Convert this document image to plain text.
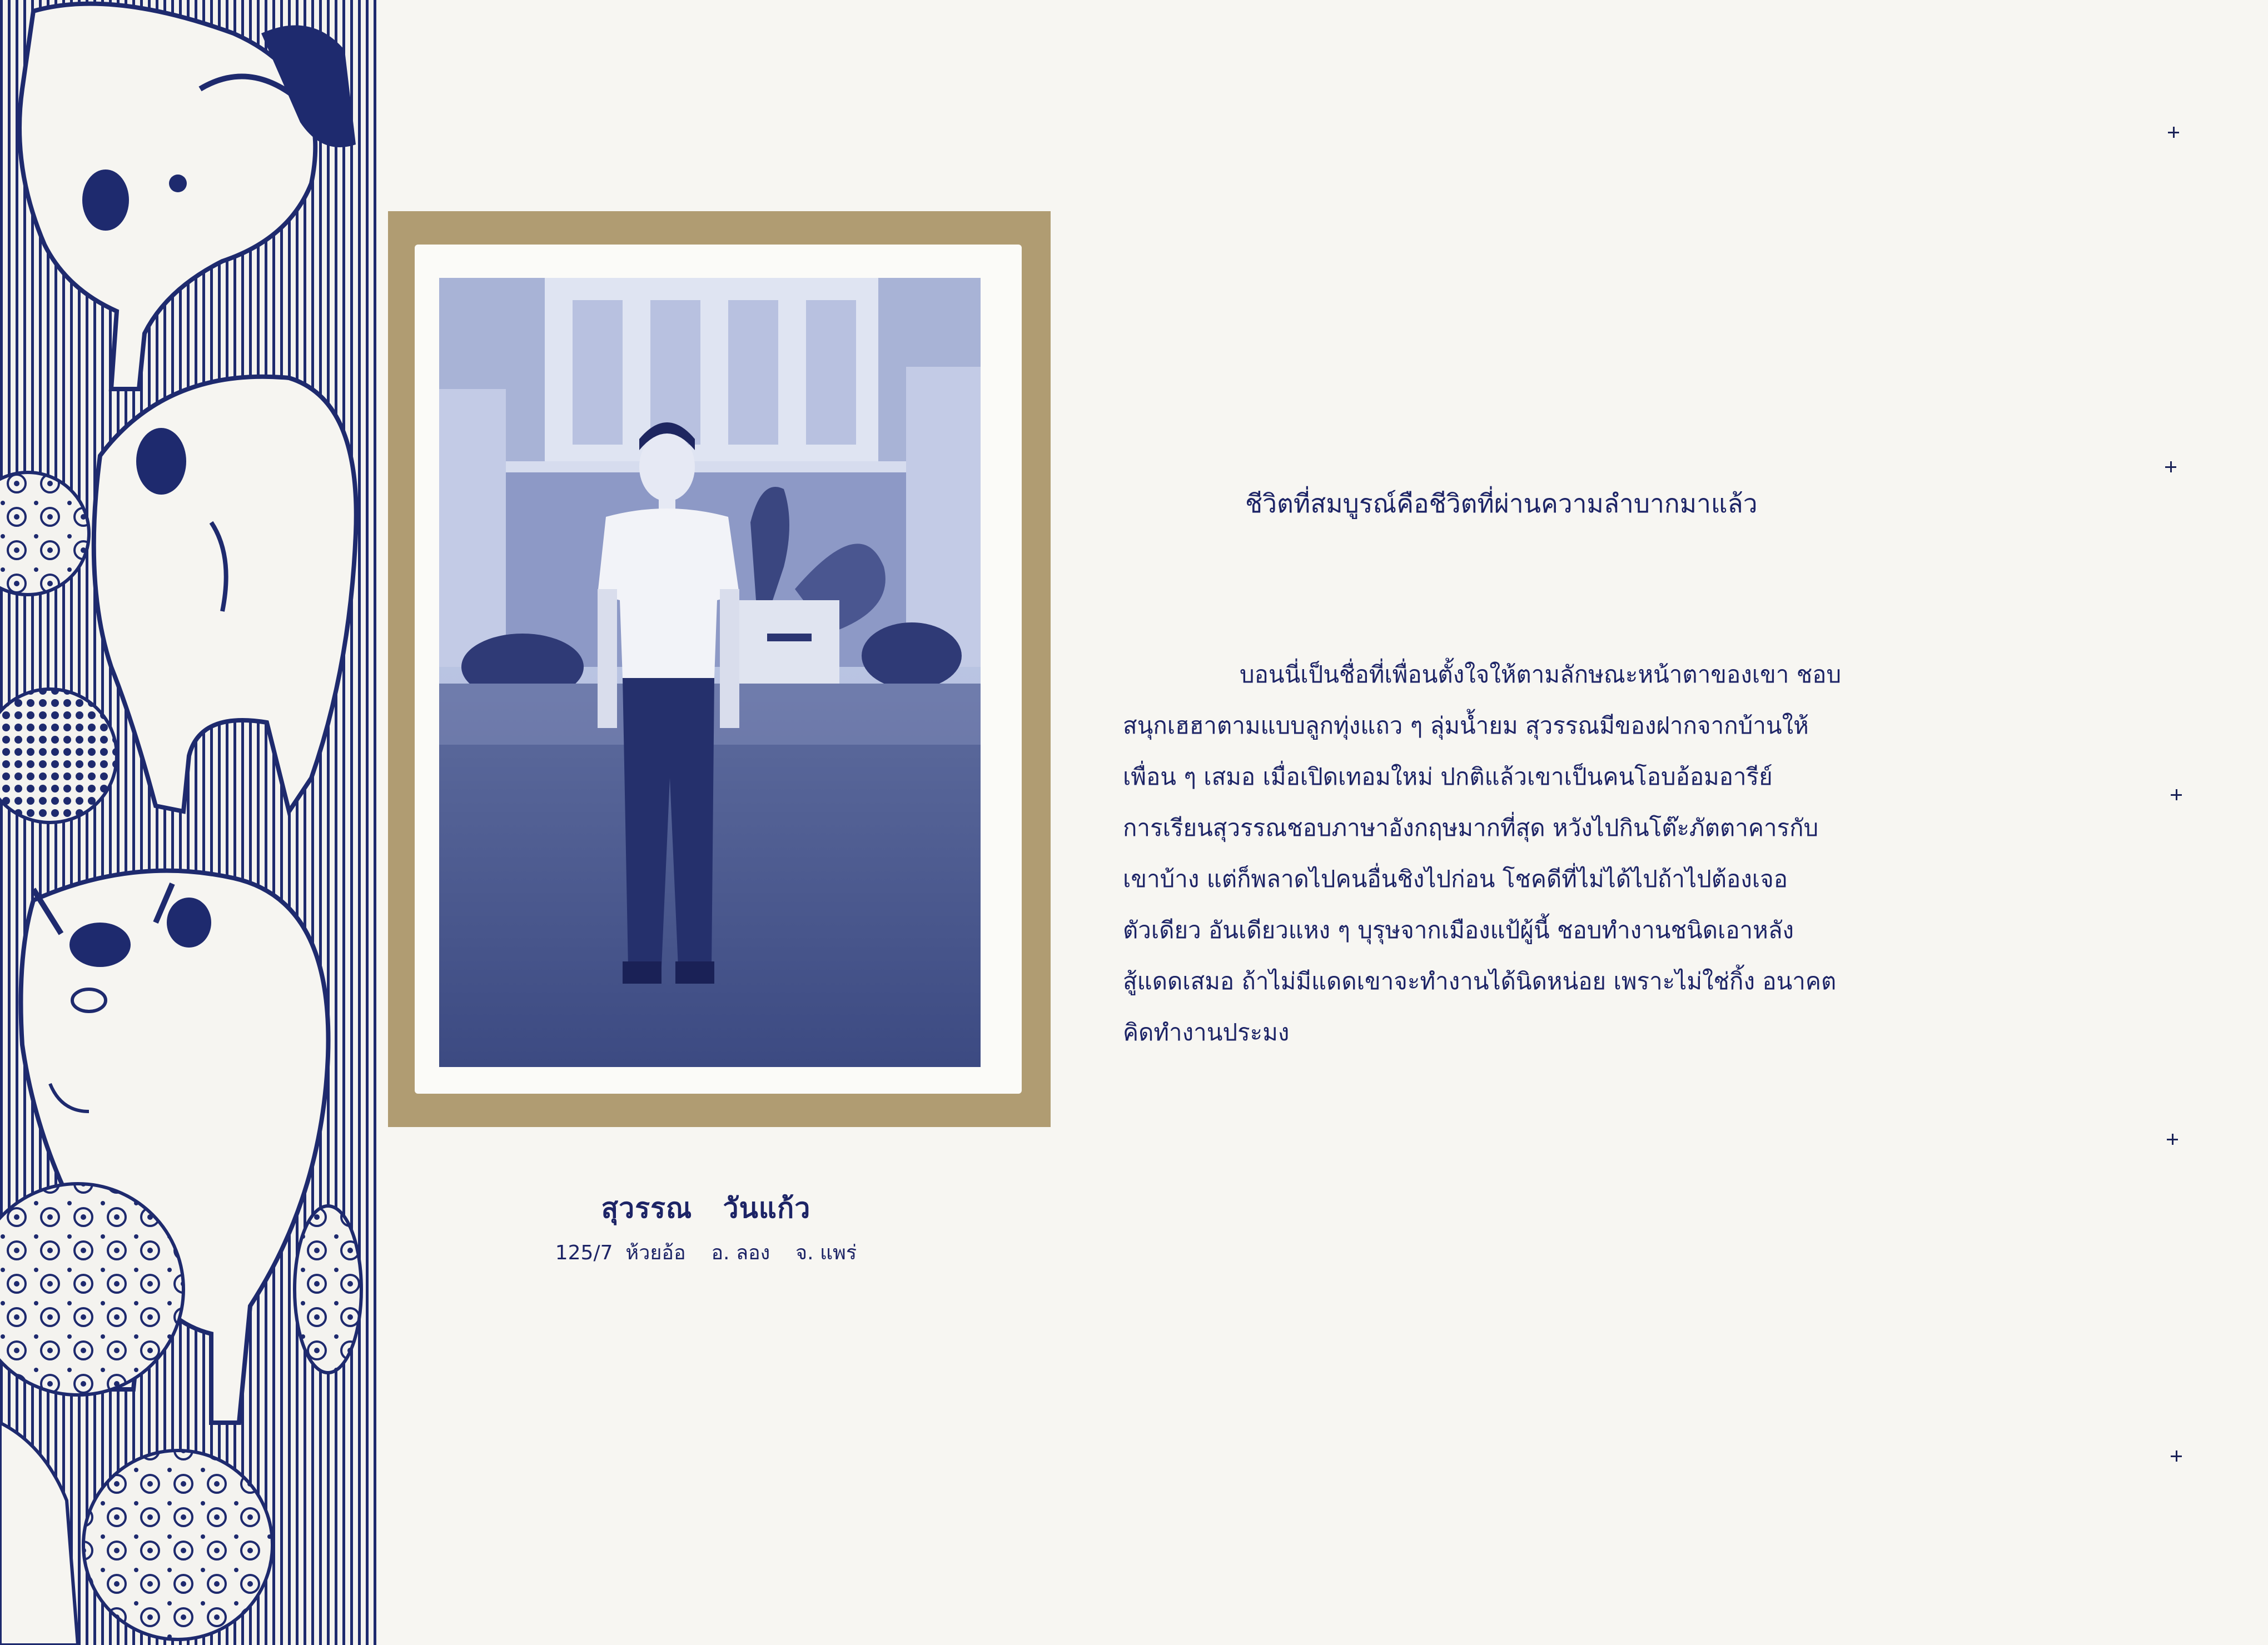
สุวรรณ   วันแก้ว
125/7  ห้วยอ้อ    อ. ลอง    จ. แพร่
ชีวิตที่สมบูรณ์คือชีวิตที่ผ่านความลำบากมาแล้ว
บอนนี่เป็นชื่อที่เพื่อนตั้งใจให้ตามลักษณะหน้าตาของเขา ชอบ
สนุกเฮฮาตามแบบลูกทุ่งแถว ๆ ลุ่มน้ำยม สุวรรณมีของฝากจากบ้านให้
เพื่อน ๆ เสมอ เมื่อเปิดเทอมใหม่ ปกติแล้วเขาเป็นคนโอบอ้อมอารีย์
การเรียนสุวรรณชอบภาษาอังกฤษมากที่สุด หวังไปกินโต๊ะภัตตาคารกับ
เขาบ้าง แต่ก็พลาดไปคนอื่นชิงไปก่อน โชคดีที่ไม่ได้ไปถ้าไปต้องเจอ
ตัวเดียว อันเดียวแหง ๆ บุรุษจากเมืองแป้ผู้นี้ ชอบทำงานชนิดเอาหลัง
สู้แดดเสมอ ถ้าไม่มีแดดเขาจะทำงานได้นิดหน่อย เพราะไม่ใช่กิ้ง อนาคต
คิดทำงานประมง
